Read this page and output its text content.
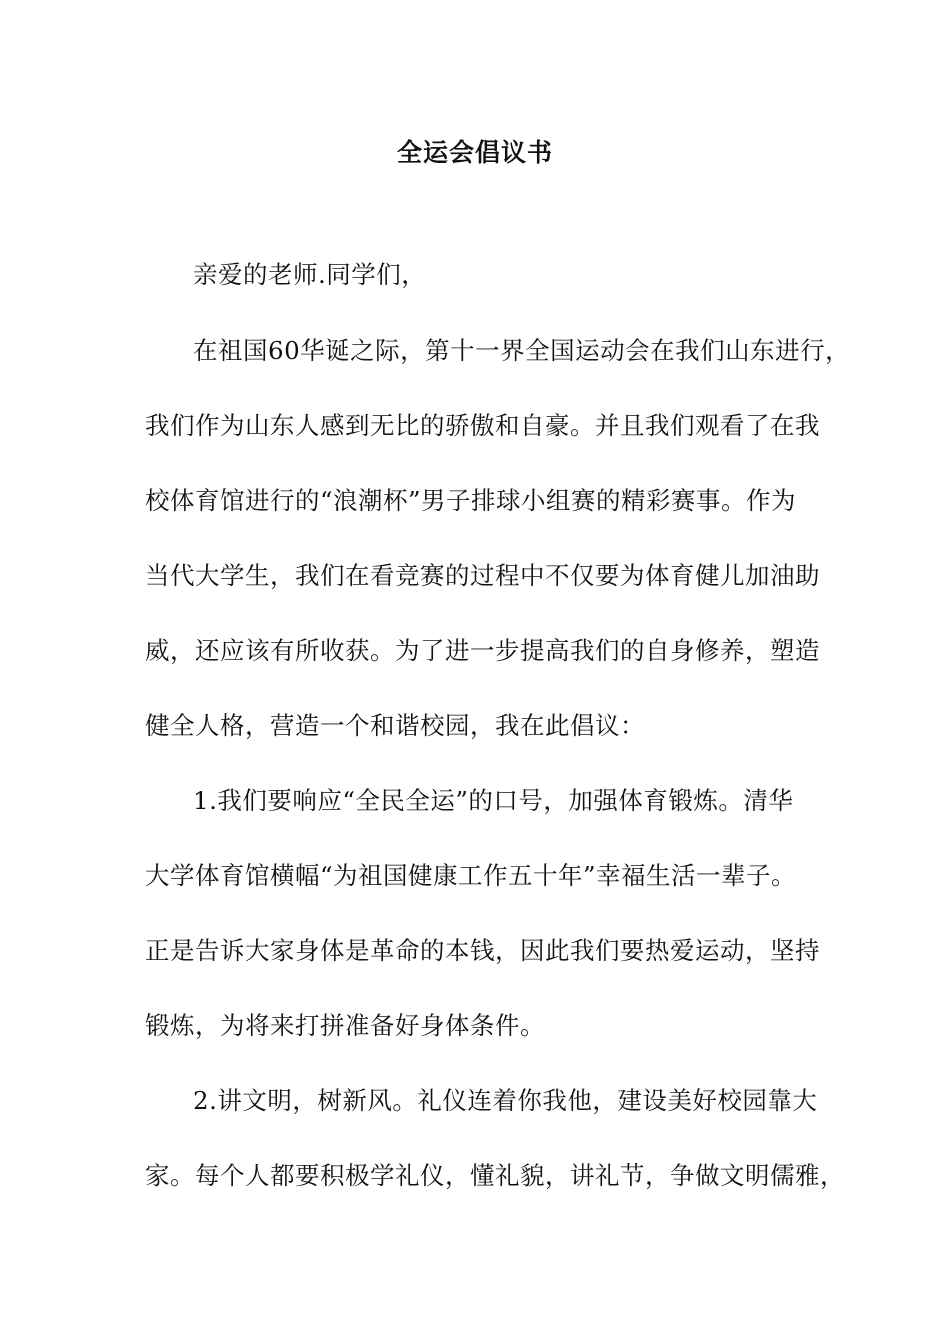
全运会倡议书
亲爱的老师.同学们，
在祖国60华诞之际，第十一界全国运动会在我们山东进行，
我们作为山东人感到无比的骄傲和自豪。并且我们观看了在我
校体育馆进行的“浪潮杯”男子排球小组赛的精彩赛事。作为
当代大学生，我们在看竞赛的过程中不仅要为体育健儿加油助
威，还应该有所收获。为了进一步提高我们的自身修养，塑造
健全人格，营造一个和谐校园，我在此倡议：
1.我们要响应“全民全运”的口号，加强体育锻炼。清华
大学体育馆横幅“为祖国健康工作五十年”幸福生活一辈子。
正是告诉大家身体是革命的本钱，因此我们要热爱运动，坚持
锻炼，为将来打拼准备好身体条件。
2.讲文明，树新风。礼仪连着你我他，建设美好校园靠大
家。每个人都要积极学礼仪，懂礼貌，讲礼节，争做文明儒雅，
